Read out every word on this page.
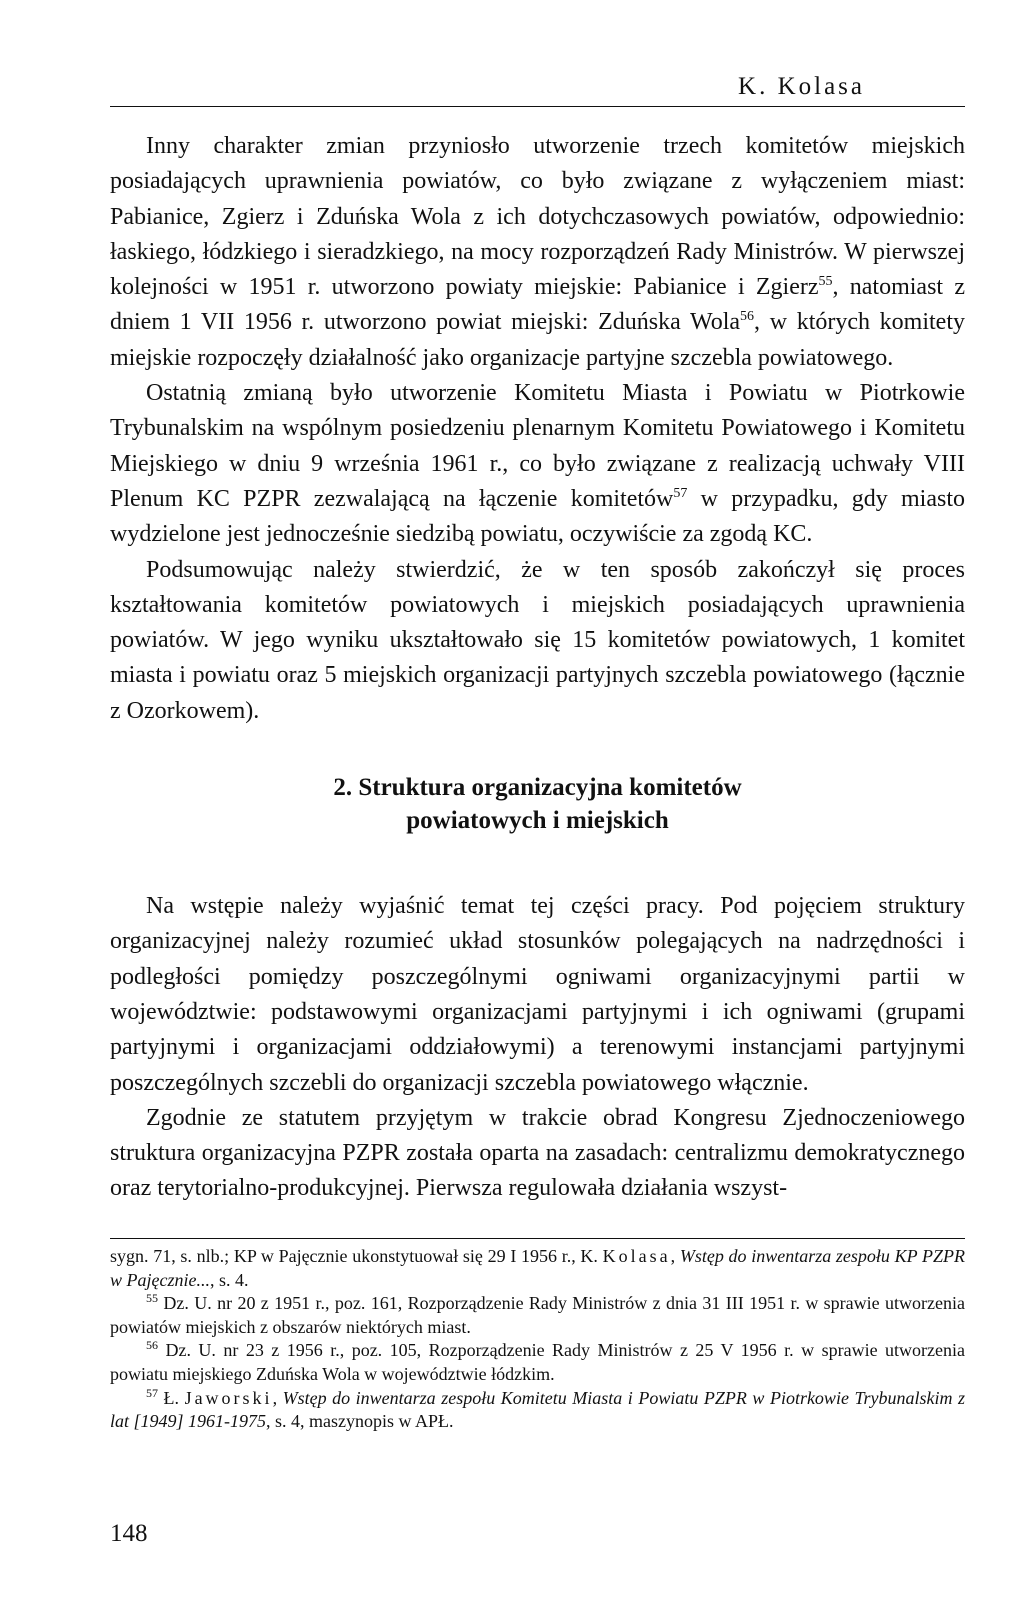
K. Kolasa

Inny charakter zmian przyniosło utworzenie trzech komitetów miejskich posiadających uprawnienia powiatów, co było związane z wyłączeniem miast: Pabianice, Zgierz i Zduńska Wola z ich dotychczasowych powiatów, odpowiednio: łaskiego, łódzkiego i sieradzkiego, na mocy rozporządzeń Rady Ministrów. W pierwszej kolejności w 1951 r. utworzono powiaty miejskie: Pabianice i Zgierz$^{55}$, natomiast z dniem 1 VII 1956 r. utworzono powiat miejski: Zduńska Wola$^{56}$, w których komitety miejskie rozpoczęły działalność jako organizacje partyjne szczebla powiatowego.

Ostatnią zmianą było utworzenie Komitetu Miasta i Powiatu w Piotrkowie Trybunalskim na wspólnym posiedzeniu plenarnym Komitetu Powiatowego i Komitetu Miejskiego w dniu 9 września 1961 r., co było związane z realizacją uchwały VIII Plenum KC PZPR zezwalającą na łączenie komitetów$^{57}$ w przypadku, gdy miasto wydzielone jest jednocześnie siedzibą powiatu, oczywiście za zgodą KC.

Podsumowując należy stwierdzić, że w ten sposób zakończył się proces kształtowania komitetów powiatowych i miejskich posiadających uprawnienia powiatów. W jego wyniku ukształtowało się 15 komitetów powiatowych, 1 komitet miasta i powiatu oraz 5 miejskich organizacji partyjnych szczebla powiatowego (łącznie z Ozorkowem).

2. Struktura organizacyjna komitetów
powiatowych i miejskich

Na wstępie należy wyjaśnić temat tej części pracy. Pod pojęciem struktury organizacyjnej należy rozumieć układ stosunków polegających na nadrzędności i podległości pomiędzy poszczególnymi ogniwami organizacyjnymi partii w województwie: podstawowymi organizacjami partyjnymi i ich ogniwami (grupami partyjnymi i organizacjami oddziałowymi) a terenowymi instancjami partyjnymi poszczególnych szczebli do organizacji szczebla powiatowego włącznie.

Zgodnie ze statutem przyjętym w trakcie obrad Kongresu Zjednoczeniowego struktura organizacyjna PZPR została oparta na zasadach: centralizmu demokratycznego oraz terytorialno-produkcyjnej. Pierwsza regulowała działania wszyst-

sygn. 71, s. nlb.; KP w Pajęcznie ukonstytuował się 29 I 1956 r., K. Kolasa, Wstęp do inwentarza zespołu KP PZPR w Pajęcznie..., s. 4.

$^{55}$ Dz. U. nr 20 z 1951 r., poz. 161, Rozporządzenie Rady Ministrów z dnia 31 III 1951 r. w sprawie utworzenia powiatów miejskich z obszarów niektórych miast.

$^{56}$ Dz. U. nr 23 z 1956 r., poz. 105, Rozporządzenie Rady Ministrów z 25 V 1956 r. w sprawie utworzenia powiatu miejskiego Zduńska Wola w województwie łódzkim.

$^{57}$ Ł. Jaworski, Wstęp do inwentarza zespołu Komitetu Miasta i Powiatu PZPR w Piotrkowie Trybunalskim z lat [1949] 1961-1975, s. 4, maszynopis w APŁ.

148
